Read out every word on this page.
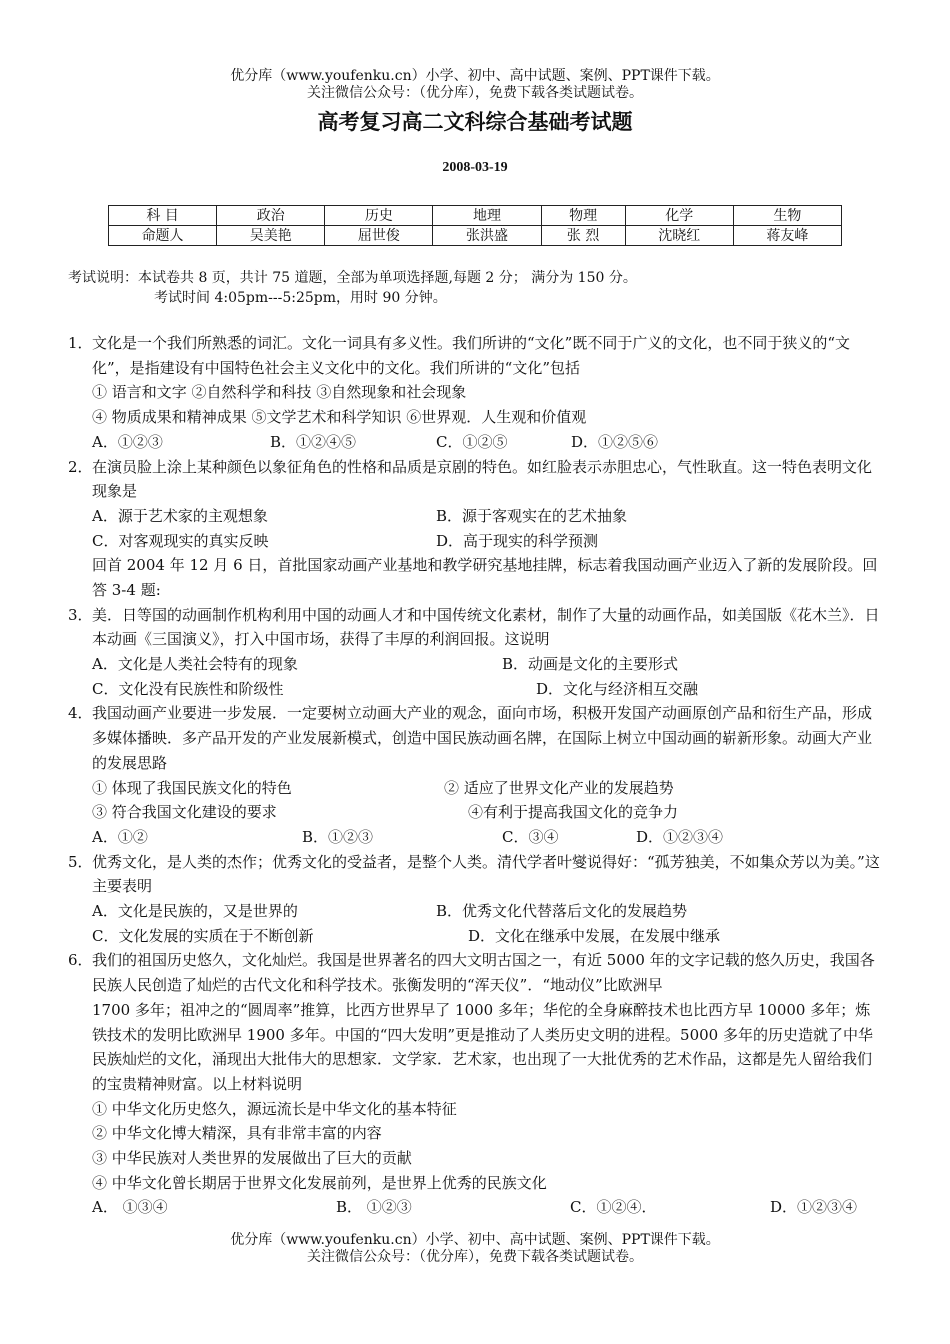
优分库（www.youfenku.cn）小学、初中、高中试题、案例、PPT课件下载。
关注微信公众号：（优分库），免费下载各类试题试卷。
高考复习高二文科综合基础考试题
2008-03-19
科 目	政治	历史	地理	物理	化学	生物
命题人	吴美艳	屈世俊	张洪盛	张 烈	沈晓红	蒋友峰
考试说明：本试卷共 8 页，共计 75 道题，全部为单项选择题,每题 2 分； 满分为 150 分。
考试时间 4:05pm---5:25pm，用时 90 分钟。
1． 文化是一个我们所熟悉的词汇。文化一词具有多义性。我们所讲的“文化”既不同于广义的文化，也不同于狭义的“文化”，是指建设有中国特色社会主义文化中的文化。我们所讲的“文化”包括

① 语言和文字 ②自然科学和科技 ③自然现象和社会现象

④ 物质成果和精神成果 ⑤文学艺术和科学知识 ⑥世界观．人生观和价值观

A．①②③	B．①②④⑤	C．①②⑤	D．①②⑤⑥
2． 在演员脸上涂上某种颜色以象征角色的性格和品质是京剧的特色。如红脸表示赤胆忠心，气性耿直。这一特色表明文化现象是

A．源于艺术家的主观想象	B．源于客观实在的艺术抽象
C．对客观现实的真实反映	D．高于现实的科学预测

回首 2004 年 12 月 6 日，首批国家动画产业基地和教学研究基地挂牌，标志着我国动画产业迈入了新的发展阶段。回答 3-4 题:

3． 美．日等国的动画制作机构利用中国的动画人才和中国传统文化素材，制作了大量的动画作品，如美国版《花木兰》．日本动画《三国演义》，打入中国市场，获得了丰厚的利润回报。这说明

A．文化是人类社会特有的现象	B．动画是文化的主要形式
C．文化没有民族性和阶级性	D．文化与经济相互交融
4． 我国动画产业要进一步发展．一定要树立动画大产业的观念，面向市场，积极开发国产动画原创产品和衍生产品，形成多媒体播映．多产品开发的产业发展新模式，创造中国民族动画名牌，在国际上树立中国动画的崭新形象。动画大产业的发展思路

① 体现了我国民族文化的特色	② 适应了世界文化产业的发展趋势
③ 符合我国文化建设的要求	④有利于提高我国文化的竞争力
A．①②	B．①②③	C．③④	D．①②③④
5． 优秀文化，是人类的杰作；优秀文化的受益者，是整个人类。清代学者叶燮说得好：“孤芳独美，不如集众芳以为美。”这主要表明

A．文化是民族的，又是世界的	B．优秀文化代替落后文化的发展趋势
C．文化发展的实质在于不断创新	D．文化在继承中发展，在发展中继承
6． 我们的祖国历史悠久，文化灿烂。我国是世界著名的四大文明古国之一，有近 5000 年的文字记载的悠久历史，我国各民族人民创造了灿烂的古代文化和科学技术。张衡发明的“浑天仪”．“地动仪”比欧洲早

1700 多年；祖冲之的“圆周率”推算，比西方世界早了 1000 多年；华佗的全身麻醉技术也比西方早 10000 多年；炼铁技术的发明比欧洲早 1900 多年。中国的“四大发明”更是推动了人类历史文明的进程。5000 多年的历史造就了中华民族灿烂的文化，涌现出大批伟大的思想家．文学家．艺术家，也出现了一大批优秀的艺术作品，这都是先人留给我们的宝贵精神财富。以上材料说明

① 中华文化历史悠久，源远流长是中华文化的基本特征

② 中华文化博大精深，具有非常丰富的内容

③ 中华民族对人类世界的发展做出了巨大的贡献

④ 中华文化曾长期居于世界文化发展前列，是世界上优秀的民族文化

A． ①③④	B． ①②③	C．①②④．	D．①②③④
优分库（www.youfenku.cn）小学、初中、高中试题、案例、PPT课件下载。
关注微信公众号：（优分库），免费下载各类试题试卷。
